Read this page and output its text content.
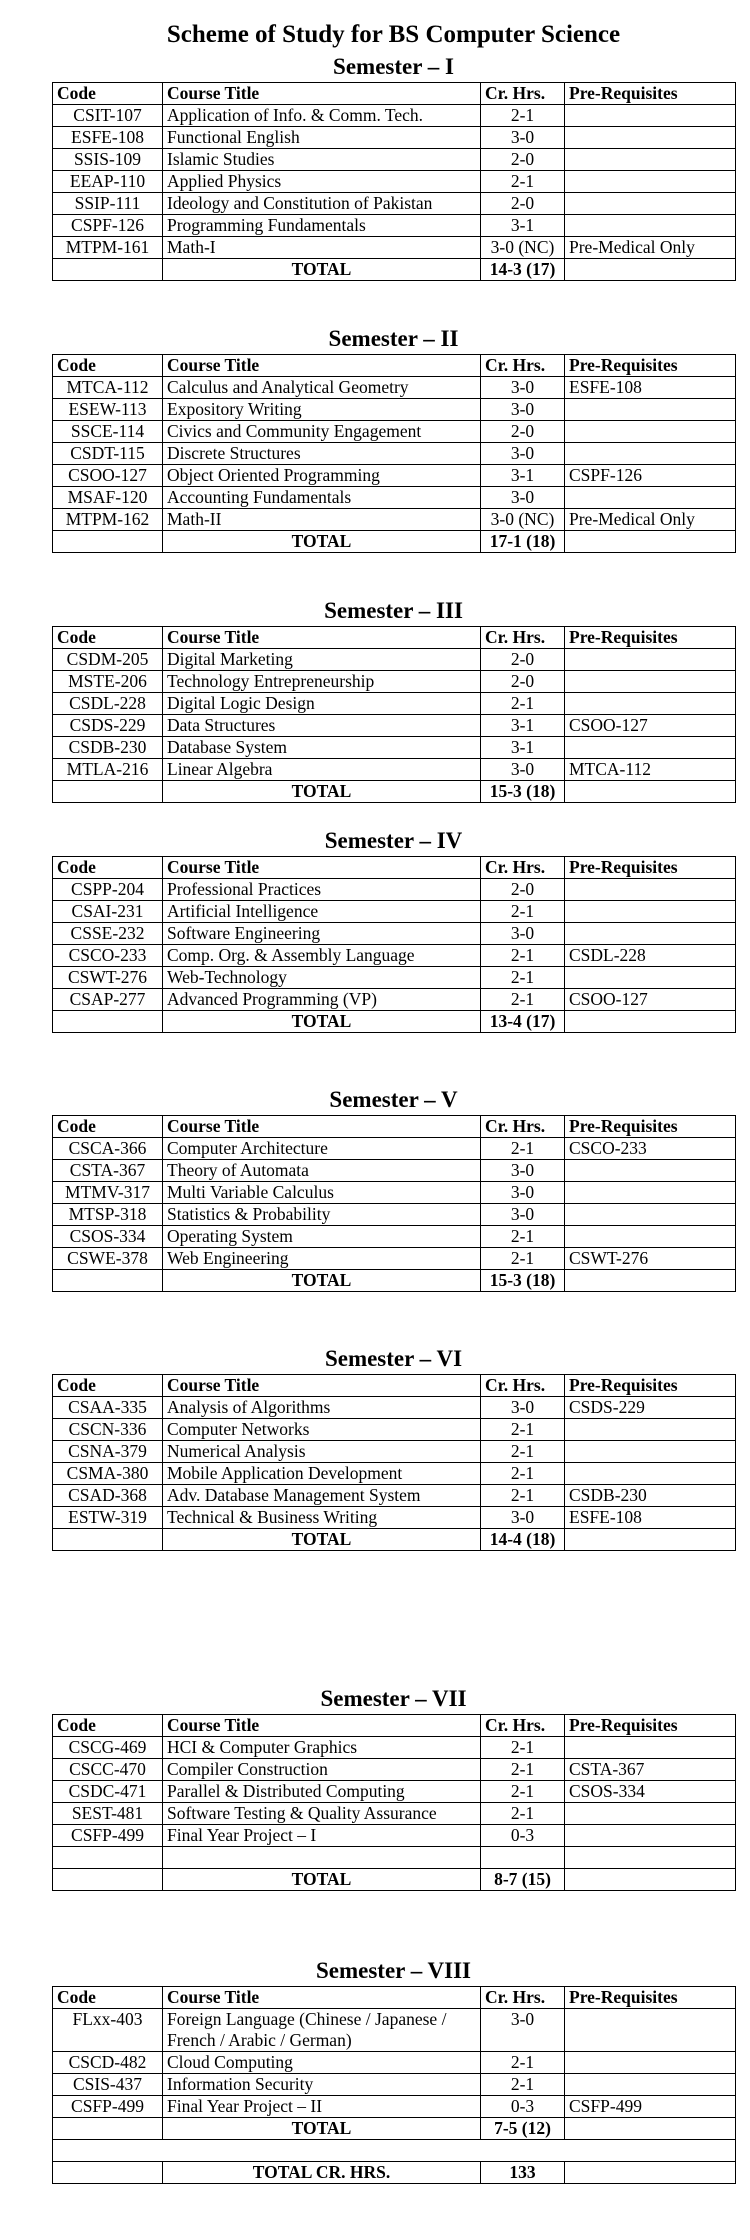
Scheme of Study for BS Computer Science
Semester – I
Code	Course Title	Cr. Hrs.	Pre-Requisites
CSIT-107	Application of Info. & Comm. Tech.	2-1	
ESFE-108	Functional English	3-0	
SSIS-109	Islamic Studies	2-0	
EEAP-110	Applied Physics	2-1	
SSIP-111	Ideology and Constitution of Pakistan	2-0	
CSPF-126	Programming Fundamentals	3-1	
MTPM-161	Math-I	3-0 (NC)	Pre-Medical Only
	TOTAL	14-3 (17)	
Semester – II
Code	Course Title	Cr. Hrs.	Pre-Requisites
MTCA-112	Calculus and Analytical Geometry	3-0	ESFE-108
ESEW-113	Expository Writing	3-0	
SSCE-114	Civics and Community Engagement	2-0	
CSDT-115	Discrete Structures	3-0	
CSOO-127	Object Oriented Programming	3-1	CSPF-126
MSAF-120	Accounting Fundamentals	3-0	
MTPM-162	Math-II	3-0 (NC)	Pre-Medical Only
	TOTAL	17-1 (18)	
Semester – III
Code	Course Title	Cr. Hrs.	Pre-Requisites
CSDM-205	Digital Marketing	2-0	
MSTE-206	Technology Entrepreneurship	2-0	
CSDL-228	Digital Logic Design	2-1	
CSDS-229	Data Structures	3-1	CSOO-127
CSDB-230	Database System	3-1	
MTLA-216	Linear Algebra	3-0	MTCA-112
	TOTAL	15-3 (18)	
Semester – IV
Code	Course Title	Cr. Hrs.	Pre-Requisites
CSPP-204	Professional Practices	2-0	
CSAI-231	Artificial Intelligence	2-1	
CSSE-232	Software Engineering	3-0	
CSCO-233	Comp. Org. & Assembly Language	2-1	CSDL-228
CSWT-276	Web-Technology	2-1	
CSAP-277	Advanced Programming (VP)	2-1	CSOO-127
	TOTAL	13-4 (17)	
Semester – V
Code	Course Title	Cr. Hrs.	Pre-Requisites
CSCA-366	Computer Architecture	2-1	CSCO-233
CSTA-367	Theory of Automata	3-0	
MTMV-317	Multi Variable Calculus	3-0	
MTSP-318	Statistics & Probability	3-0	
CSOS-334	Operating System	2-1	
CSWE-378	Web Engineering	2-1	CSWT-276
	TOTAL	15-3 (18)	
Semester – VI
Code	Course Title	Cr. Hrs.	Pre-Requisites
CSAA-335	Analysis of Algorithms	3-0	CSDS-229
CSCN-336	Computer Networks	2-1	
CSNA-379	Numerical Analysis	2-1	
CSMA-380	Mobile Application Development	2-1	
CSAD-368	Adv. Database Management System	2-1	CSDB-230
ESTW-319	Technical & Business Writing	3-0	ESFE-108
	TOTAL	14-4 (18)	
Semester – VII
Code	Course Title	Cr. Hrs.	Pre-Requisites
CSCG-469	HCI & Computer Graphics	2-1	
CSCC-470	Compiler Construction	2-1	CSTA-367
CSDC-471	Parallel & Distributed Computing	2-1	CSOS-334
SEST-481	Software Testing & Quality Assurance	2-1	
CSFP-499	Final Year Project – I	0-3	

	TOTAL	8-7 (15)	
Semester – VIII
Code	Course Title	Cr. Hrs.	Pre-Requisites
FLxx-403	Foreign Language (Chinese / Japanese / French / Arabic / German)	3-0	
CSCD-482	Cloud Computing	2-1	
CSIS-437	Information Security	2-1	
CSFP-499	Final Year Project – II	0-3	CSFP-499
	TOTAL	7-5 (12)	

	TOTAL CR. HRS.	133	
